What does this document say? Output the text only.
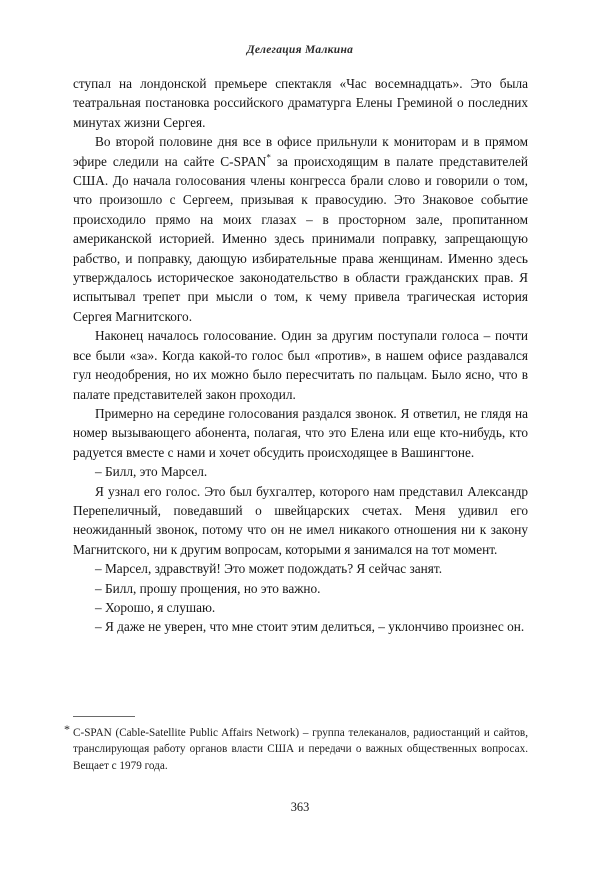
Делегация Малкина

ступал на лондонской премьере спектакля «Час восемнадцать». Это была театральная постановка российского драматурга Елены Греминой о последних минутах жизни Сергея.

Во второй половине дня все в офисе прильнули к мониторам и в прямом эфире следили на сайте C-SPAN* за происходящим в палате представителей США. До начала голосования члены конгресса брали слово и говорили о том, что произошло с Сергеем, призывая к правосудию. Это Знаковое событие происходило прямо на моих глазах – в просторном зале, пропитанном американской историей. Именно здесь принимали поправку, запрещающую рабство, и поправку, дающую избирательные права женщинам. Именно здесь утверждалось историческое законодательство в области гражданских прав. Я испытывал трепет при мысли о том, к чему привела трагическая история Сергея Магнитского.

Наконец началось голосование. Один за другим поступали голоса – почти все были «за». Когда какой-то голос был «против», в нашем офисе раздавался гул неодобрения, но их можно было пересчитать по пальцам. Было ясно, что в палате представителей закон проходил.

Примерно на середине голосования раздался звонок. Я ответил, не глядя на номер вызывающего абонента, полагая, что это Елена или еще кто-нибудь, кто радуется вместе с нами и хочет обсудить происходящее в Вашингтоне.

– Билл, это Марсел.

Я узнал его голос. Это был бухгалтер, которого нам представил Александр Перепеличный, поведавший о швейцарских счетах. Меня удивил его неожиданный звонок, потому что он не имел никакого отношения ни к закону Магнитского, ни к другим вопросам, которыми я занимался на тот момент.

– Марсел, здравствуй! Это может подождать? Я сейчас занят.

– Билл, прошу прощения, но это важно.

– Хорошо, я слушаю.

– Я даже не уверен, что мне стоит этим делиться, – уклончиво произнес он.

* C-SPAN (Cable-Satellite Public Affairs Network) – группа телеканалов, радиостанций и сайтов, транслирующая работу органов власти США и передачи о важных общественных вопросах. Вещает с 1979 года.
363
